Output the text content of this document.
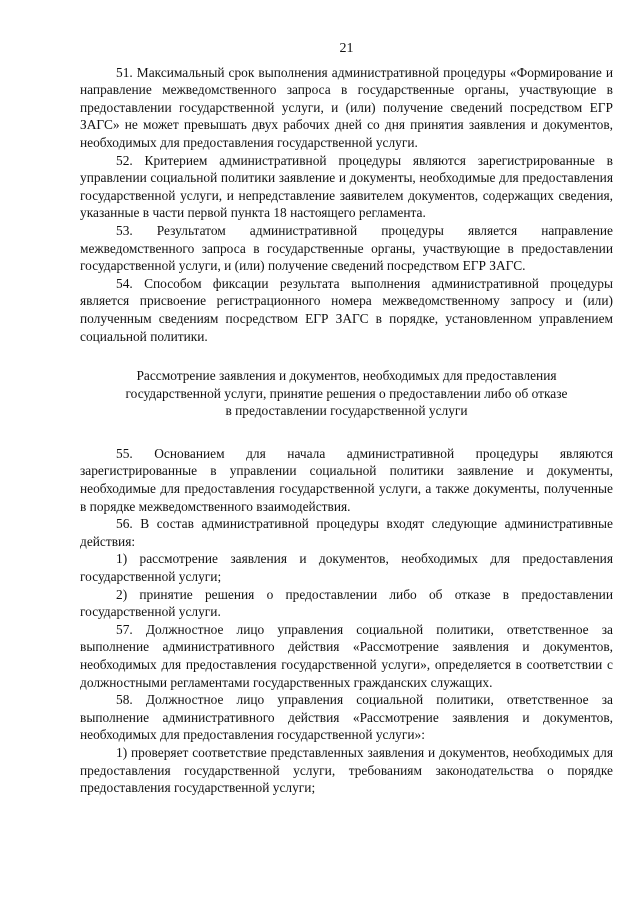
21

51. Максимальный срок выполнения административной процедуры «Формирование и направление межведомственного запроса в государственные органы, участвующие в предоставлении государственной услуги, и (или) получение сведений посредством ЕГР ЗАГС» не может превышать двух рабочих дней со дня принятия заявления и документов, необходимых для предоставления государственной услуги.

52. Критерием административной процедуры являются зарегистрированные в управлении социальной политики заявление и документы, необходимые для предоставления государственной услуги, и непредставление заявителем документов, содержащих сведения, указанные в части первой пункта 18 настоящего регламента.

53. Результатом административной процедуры является направление межведомственного запроса в государственные органы, участвующие в предоставлении государственной услуги, и (или) получение сведений посредством ЕГР ЗАГС.

54. Способом фиксации результата выполнения административной процедуры является присвоение регистрационного номера межведомственному запросу и (или) полученным сведениям посредством ЕГР ЗАГС в порядке, установленном управлением социальной политики.

Рассмотрение заявления и документов, необходимых для предоставления
государственной услуги, принятие решения о предоставлении либо об отказе
в предоставлении государственной услуги

55. Основанием для начала административной процедуры являются зарегистрированные в управлении социальной политики заявление и документы, необходимые для предоставления государственной услуги, а также документы, полученные в порядке межведомственного взаимодействия.

56. В состав административной процедуры входят следующие административные действия:

1) рассмотрение заявления и документов, необходимых для предоставления государственной услуги;

2) принятие решения о предоставлении либо об отказе в предоставлении государственной услуги.

57. Должностное лицо управления социальной политики, ответственное за выполнение административного действия «Рассмотрение заявления и документов, необходимых для предоставления государственной услуги», определяется в соответствии с должностными регламентами государственных гражданских служащих.

58. Должностное лицо управления социальной политики, ответственное за выполнение административного действия «Рассмотрение заявления и документов, необходимых для предоставления государственной услуги»:

1) проверяет соответствие представленных заявления и документов, необходимых для предоставления государственной услуги, требованиям законодательства о порядке предоставления государственной услуги;
